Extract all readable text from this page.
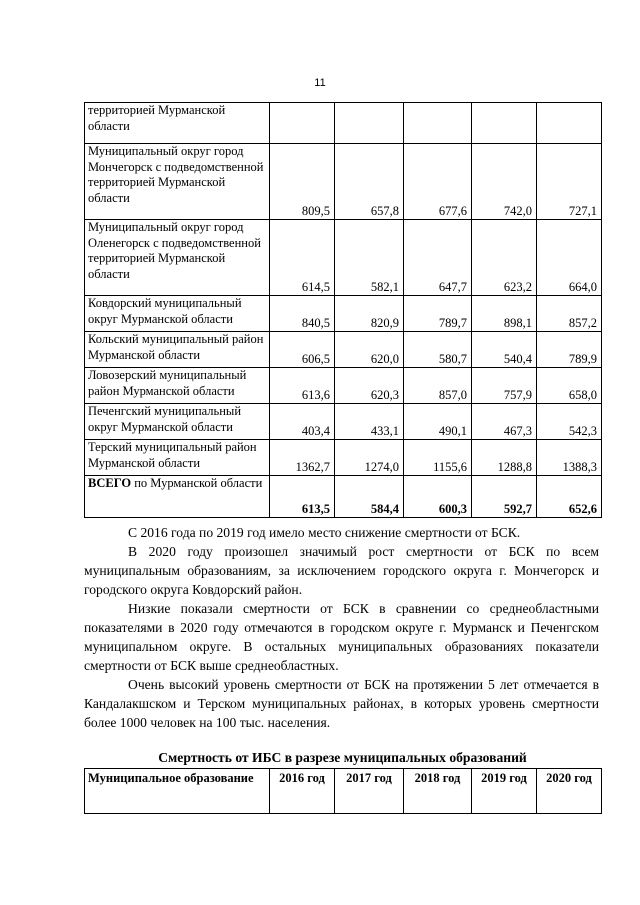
11
территорией Мурманской области					
Муниципальный округ город Мончегорск с подведомственной территорией Мурманской области	809,5	657,8	677,6	742,0	727,1
Муниципальный округ город Оленегорск с подведомственной территорией Мурманской области	614,5	582,1	647,7	623,2	664,0
Ковдорский муниципальный округ Мурманской области	840,5	820,9	789,7	898,1	857,2
Кольский муниципальный район Мурманской области	606,5	620,0	580,7	540,4	789,9
Ловозерский муниципальный район Мурманской области	613,6	620,3	857,0	757,9	658,0
Печенгский муниципальный округ Мурманской области	403,4	433,1	490,1	467,3	542,3
Терский муниципальный район Мурманской области	1362,7	1274,0	1155,6	1288,8	1388,3
ВСЕГО по Мурманской области	613,5	584,4	600,3	592,7	652,6

С 2016 года по 2019 год имело место снижение смертности от БСК.

В 2020 году произошел значимый рост смертности от БСК по всем муниципальным образованиям, за исключением городского округа г. Мончегорск и городского округа Ковдорский район.

Низкие показали смертности от БСК в сравнении со среднеобластными показателями в 2020 году отмечаются в городском округе г. Мурманск и Печенгском муниципальном округе. В остальных муниципальных образованиях показатели смертности от БСК выше среднеобластных.

Очень высокий уровень смертности от БСК на протяжении 5 лет отмечается в Кандалакшском и Терском муниципальных районах, в которых уровень смертности более 1000 человек на 100 тыс. населения.

Смертность от ИБС в разрезе муниципальных образований
Муниципальное образование	2016 год	2017 год	2018 год	2019 год	2020 год
